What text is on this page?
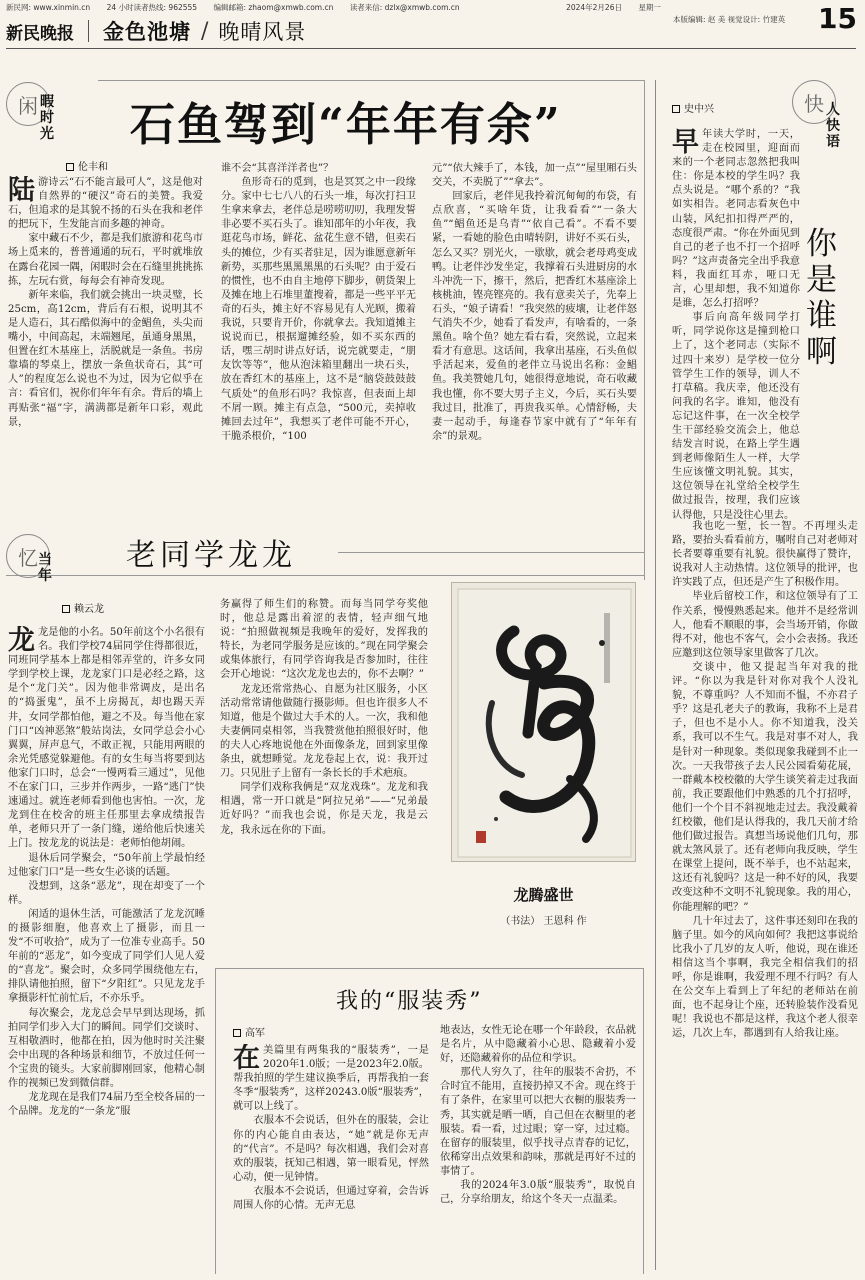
新民网: www.xinmin.cn 24 小时读者热线: 962555 编辑邮箱: zhaom@xmwb.com.cn 读者来信: dzlx@xmwb.com.cn	2024年2月26日 星期一	15
本版编辑: 赵 美 视觉设计: 竹建英
新民晚报 金色池塘 / 晚晴风景
闲 暇时光 石鱼驾到“年年有余”
伦丰和

陆游诗云“石不能言最可人”，这是他对自然界的“硬汉”奇石的美赞。我爱石，但追求的是其貌不扬的石头在我和老伴的把玩下，生发能言而多趣的神奇。

家中藏石不少，都是我们旅游和花鸟市场上觅来的，普普通通的玩石，平时就堆放在露台花园一隅，闲暇时会在石缝里挑挑拣拣，左玩右赏，每每会有神奇发现。

新年来临，我们就会挑出一块灵璧，长25cm，高12cm，背后有石根，说明其不是人造石，其石酷似海中的金鲳鱼，头尖而嘴小，中间高起，末端翘尾，虽通身黑黑，但置在红木基座上，活脱就是一条鱼。书房靠墙的琴桌上，摆放一条鱼状奇石，其“可人”的程度怎么说也不为过，因为它似乎在言：看官们，祝你们年年有余。背后的墙上再贴张“福”字，满满都是新年口彩，观此景，

谁不会“其喜洋洋者也”？

鱼形奇石的觅到，也是冥冥之中一段缘分。家中七七八八的石头一堆，每次打扫卫生拿来拿去，老伴总是唠唠叨叨，我理发誓非必要不买石头了。谁知邵年的小年夜，我逛花鸟市场，鲜花、盆花生意不错，但卖石头的摊位，少有买者驻足，因为谁愿意新年新势，买那些黑黑黑黑的石头呢？由于爱石的惯性，也不由自主地停下脚步，朝货架上及摊在地上石堆里董搜着，都是一些平平无奇的石头，摊主好不容易见有人光顾，搬着我说，只要肯开价，你就拿去。我知道摊主说说而已，根据遛摊经验，如不买东西的话，嘿三胡时讲点好话，说完就要走，“朋友饮等等”，他从泡沫箱里翻出一块石头，放在香红木的基座上，这不是“脑袋鼓鼓鼓气质处”的鱼形石吗？我惊喜，但表面上却不屑一顾。摊主有点急，“500元，卖掉收摊回去过年”，我想买了老伴可能不开心，干脆杀根价，“100

元”“依大辣手了，本钱，加一点”“屋里厢石头交关，不卖脱了”“拿去”。

回家后，老伴见我拎着沉甸甸的布袋，有点欣喜，“买啥年货，让我看看”“一条大鱼”“鲳鱼还是乌青”“依自己看”。不看不要紧，一看她的脸色由晴转阴，讲好不买石头，怎么又买？别光火，一歇歇，就会老母鸡变成鸭。让老伴沙发坐定，我撑着石头进厨房的水斗冲洗一下，擦干，然后，把香红木基座涂上核桃油，铿亮铿亮的。我有意卖关子，先奉上石头，“娘子请看！”我突然的疲壤，让老伴怒气消失不少，她看了看发声，有啥看的，一条黑鱼。啥个鱼？她左看右看，突然说，立起来看才有意思。这话间，我拿出基座，石头鱼似乎活起来，爱鱼的老伴立马说出名称：金鲳鱼。我美赞她几句，她很得意地说，奇石收藏我也懂，你不要大男子主义，今后，买石头要我过目，批准了，再贵我买单。心情舒畅，夫妻一起动手，每逢春节家中就有了“年年有余”的景观。

忆 当年
老同学龙龙
赖云龙

龙龙是他的小名。50年前这个小名很有名。我们学校74届同学住得都很近，同班同学基本上都是相邻弄堂的，许多女同学到学校上课，龙龙家门口是必经之路，这是个“龙门关”。因为他非常调皮，是出名的“捣蛋鬼”，虽不上房揭瓦，却也踢天弄井，女同学都怕他，避之不及。每当他在家门口“凶神恶煞”般站岗法，女同学总会小心翼翼，屏声息气，不敢正视，只能用两眼的余光凭感觉躲避他。有的女生每当将要到达他家门口时，总会“一慢两看三通过”，见他不在家门口，三步并作两步，一路“逃门”快速通过。就连老师看到他也害怕。一次，龙龙到住在校舍的班主任那里去拿成绩报告单，老师只开了一条门缝，递给他后快速关上门。按龙龙的说法是：老师怕他胡闹。

退休后同学聚会，“50年前上学最怕经过他家门口”是一些女生必谈的话题。

没想到，这条“恶龙”，现在却变了一个样。

闲适的退休生活，可能激活了龙龙沉睡的摄影细胞，他喜欢上了摄影，而且一发“不可收拾”，成为了一位准专业高手。50年前的“恶龙”，如今变成了同学们人见人爱的“喜龙”。聚会时，众多同学围绕他左右，排队请他拍照，留下“夕阳红”。只见龙龙手拿摄影杆忙前忙后，不亦乐乎。

每次聚会，龙龙总会早早到达现场，抓拍同学们步入大门的瞬间。同学们交谈时、互相敬酒时，他都在拍，因为他时时关注聚会中出现的各种场景和细节，不放过任何一个宝贵的镜头。大家前脚刚回家，他精心制作的视频已发到微信群。

龙龙现在是我们74届乃至全校各届的一个品牌。龙龙的“一条龙”服

务赢得了师生们的称赞。而每当同学夸奖他时，他总是露出着涩的表情，轻声细气地说：“拍照做视频是我晚年的爱好，发挥我的特长，为老同学服务是应该的。”现在同学聚会或集体旅行，有同学咨询我是否参加时，往往会开心地说：“这次龙龙也去的，你不去啊？”

龙龙还常常热心、自愿为社区服务，小区活动常常请他做随行摄影师。但也许很多人不知道，他是个做过大手术的人。一次，我和他夫妻俩同桌相邻，当我赞赏他拍照很好时，他的夫人心疼地说他在外面像条龙，回到家里像条虫，就想睡觉。龙龙卷起上衣，说：我开过刀。只见肚子上留有一条长长的手术疤痕。

同学们戏称我俩是“双龙戏珠”。龙龙和我相遇，常一开口就是“阿拉兄弟”——“兄弟最近好吗？”而我也会说，你是天龙，我是云龙，我永远在你的下面。

龙腾盛世
（书法） 王恩科 作
我的“服装秀”
高军

在美篇里有两集我的“服装秀”，一是2020年1.0版；一是2023年2.0版。帮我拍照的学生建议换季后，再帮我拍一套冬季“服装秀”，这样20243.0版“服装秀”，就可以上线了。

衣服本不会说话，但外在的服装，会让你的内心能自由表达，“她”就是你无声的“代言”。不是吗？每次相遇，我们会对喜欢的服装，抚知己相遇，第一眼看见，怦然心动，便一见钟情。

衣服本不会说话，但通过穿着，会告诉周围人你的心情。无声无息

地表达，女性无论在哪一个年龄段，衣品就是名片，从中隐藏着小心思、隐藏着小爱好，还隐藏着你的品位和学识。

那代人穷久了，往年的服装不舍扔，不合时宜不能用，直接扔掉又不舍。现在终于有了条件，在家里可以把大衣橱的服装秀一秀，其实就是晒一晒，自己但在衣橱里的老服装。看一看，过过眼；穿一穿，过过瘾。在留存的服装里，似乎找寻点青春的记忆，依稀穿出点效果和韵味，那就是再好不过的事情了。

我的2024年3.0版“服装秀”，取悦自己，分享给朋友，给这个冬天一点温柔。

快 人快语
史中兴
你是谁啊

早年读大学时，一天，走在校园里，迎面而来的一个老同志忽然把我叫住：你是本校的学生吗？我点头说是。“哪个系的？”我如实相告。老同志看灰色中山装，风纪扣扣得严严的，态度很严肃。“你在外面见到自己的老子也不打一个招呼吗？”这声责备完全出乎我意料，我面红耳赤，哑口无言，心里却想，我不知道你是谁，怎么打招呼？

事后向高年级同学打听，同学说你这是撞到枪口上了，这个老同志（实际不过四十来岁）是学校一位分管学生工作的领导，训人不打草稿。我庆幸，他还没有问我的名字。谁知，他没有忘记这件事，在一次全校学生干部经验交流会上，他总结发言时说，在路上学生遇到老师像陌生人一样，大学生应该懂文明礼貌。其实，这位领导在礼堂给全校学生做过报告，按理，我们应该认得他，只是没往心里去。

我也吃一堑，长一智。不再埋头走路，要抬头看看前方，嘱咐自己对老师对长者要尊重要有礼貌。很快赢得了赞许，说我对人主动热情。这位领导的批评，也许实践了点，但还是产生了积极作用。

毕业后留校工作，和这位领导有了工作关系，慢慢熟悉起来。他并不是经常训人，他看不顺眼的事，会当场开销，你做得不对，他也不客气，会小会表扬。我还应邀到这位领导家里做客了几次。

交谈中，他又提起当年对我的批评。“你以为我是针对你对我个人没礼貌，不尊重吗？人不知而不愠，不亦君子乎？这是孔老夫子的教诲，我称不上是君子，但也不是小人。你不知道我，没关系，我可以不生气。我是对事不对人，我是针对一种现象。类似现象我碰到不止一次。一天我带孩子去人民公园看菊花展，一群戴本校校徽的大学生谈笑着走过我面前，我正要跟他们中熟悉的几个打招呼，他们一个个目不斜视地走过去。我没戴着红校徽，他们是认得我的，我几天前才给他们做过报告。真想当场说他们几句，那就太煞风景了。还有老师向我反映，学生在课堂上提问，既不举手，也不站起来，这还有礼貌吗？这是一种不好的风，我要改变这种不文明不礼貌现象。我的用心，你能理解的吧？”

几十年过去了，这件事还刻印在我的脑子里。如今的风向如何？我把这事说给比我小了几岁的友人听，他说，现在谁还相信这当个事啊，我完全相信我们的招呼，你是谁啊，我爱理不理不行吗？有人在公交车上看到上了年纪的老师站在前面，也不起身让个座，还转脸装作没看见呢！我说也不都是这样，我这个老人很幸运，几次上车，都遇到有人给我让座。
